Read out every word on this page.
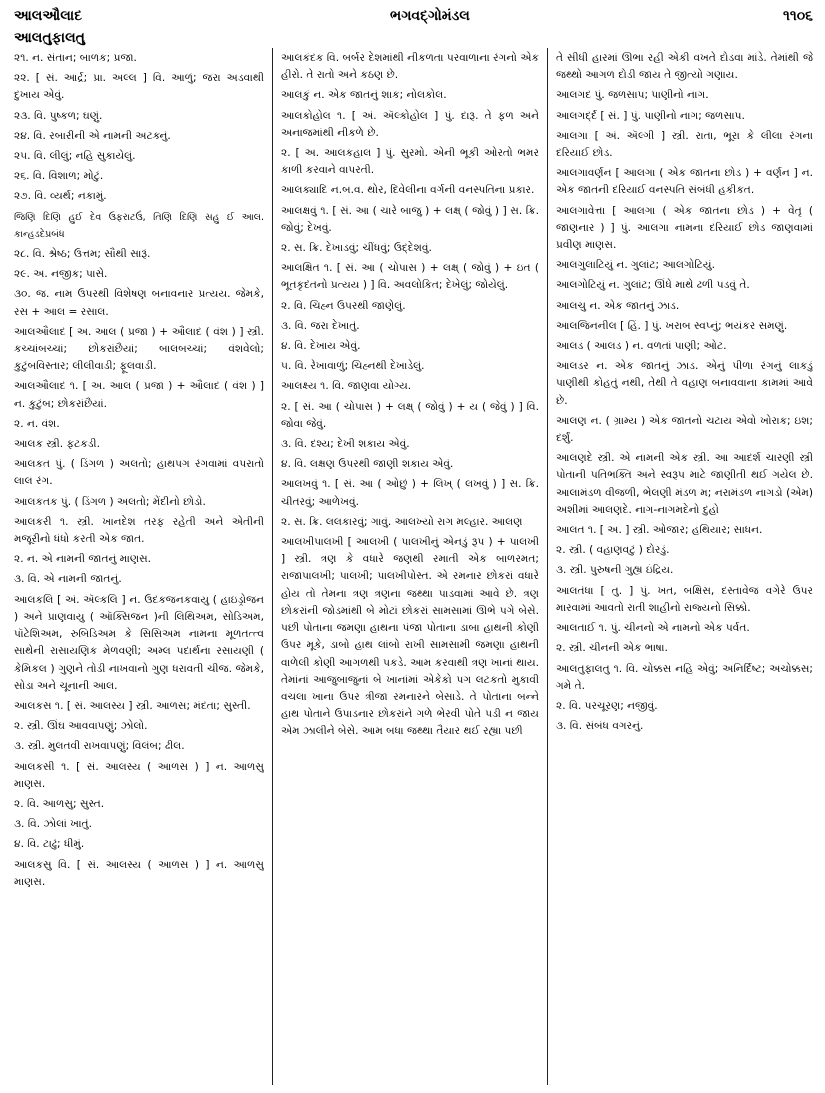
આલઔલાદ	ભગવદ્ગોમંડલ	૧૧૦૬
આલતુફાલતુ

૨૧. ન. સંતાન; બાળક; પ્રજા.

૨૨. [ સં. આર્દ્ર; પ્રા. અલ્લ ] વિ. આળું; જરા અડવાથી દુખાય એવું.

૨૩. વિ. પુષ્કળ; ઘણું.

૨૪. વિ. રબારીની એ નામની અટક્નું.

૨૫. વિ. લીલું; નહિ સુકાયેલું.

૨૬. વિ. વિશાળ; મોટું.

૨૭. વિ. વ્યર્થ; નકામું.

જિણિ દિણિ હુઈ દેવ ઉફરાટઉં, તિણિ દિણિ સહુ ઈ આલ. કાન્હડદેપ્રબંધ

૨૮. વિ. શ્રેષ્ઠ; ઉત્તમ; સૌથી સારૂં.

૨૯. અ. નજીક; પાસે.

૩૦. જ. નામ ઉપરથી વિશેષણ બનાવનાર પ્રત્યય. જેમકે, રસ + આલ = રસાલ.

આલઔલાદ [ અ. આલ ( પ્રજા ) + ઔલાદ ( વંશ ) ] સ્ત્રી. કચ્ચાંબચ્ચાં; છોકરાંછૈયાં; બાલબચ્ચાં; વંશવેલો; કુટુંબવિસ્તાર; લીલીવાડી; ફૂલવાડી.

આલઔલાદ ૧. [ અ. આલ ( પ્રજા ) + ઔલાદ ( વંશ ) ] ન. કુટુંબ; છોકરાંછૈયાં.

૨. ન. વંશ.

આલક સ્ત્રી. ફટકડી.

આલકત પું. ( ડિંગળ ) અલતો; હાથપગ રંગવામાં વપરાતો લાલ રંગ.

આલકતક પું. ( ડિંગળ ) અલતો; મેંદીનો છોડો.

આલકરી ૧. સ્ત્રી. ખાનદેશ તરફ રહેતી અને એતીની મજૂરીનો ધંધો કરતી એક જાત.

૨. ન. એ નામની જાતનું માણસ.

૩. વિ. એ નામની જાતનું.

આલકલિ [ અં. ઍલ્કલિ ] ન. ઉદકજનકવાયુ ( હાઇડ્રોજન ) અને પ્રાણવાયુ ( ઑક્સિજન )ની લિથિઅમ, સોડિઅમ, પૉટેશિઅમ, રુબિડિઅમ કે સિસિઅમ નામના મૂળતત્ત્વ સાથેની રાસાયણિક મેળવણી; અમ્લ પદાર્થના રસાયણી ( કેમિકલ ) ગુણને તોડી નાખવાનો ગુણ ધરાવતી ચીજ. જેમકે, સોડા અને ચૂનાની આલ.

આલકસ ૧. [ સં. આલસ્ય ] સ્ત્રી. આળસ; મંદતા; સુસ્તી.

૨. સ્ત્રી. ઊંઘ આવવાપણું; ઝોલો.

૩. સ્ત્રી. મુલતવી રાખવાપણું; વિલંબ; ઢીલ.

આલકસી ૧. [ સં. આલસ્ય ( આળસ ) ] ન. આળસુ માણસ.

૨. વિ. આળસુ; સુસ્ત.

૩. વિ. ઝોલાં ખાતું.

૪. વિ. ટાઢું; ધીમું.

આલકસુ વિ. [ સં. આલસ્ય ( આળસ ) ] ન. આળસુ માણસ.

આલકંદક વિ. બર્બર દેશમાંથી નીકળતા પરવાળાના રંગનો એક હીરો. તે રાતો અને કઠણ છે.

આલકું ન. એક જાતનું શાક; નોલકોલ.

આલકોહોલ ૧. [ અં. ઍલ્કોહોલ ] પું. દારૂ. તે ફળ અને અનાજમાંથી નીકળે છે.

૨. [ અ. આલકહાલ ] પું. સુરમો. એની ભૂકી ઓરતો ભમર કાળી કરવાને વાપરતી.

આલક્યાદિ ન.બ.વ. થોર, દિવેલીના વર્ગની વનસ્પતિના પ્રકાર.

આલક્ષવું ૧. [ સં. આ ( ચારે બાજુ ) + લક્ષ્ ( જોવું ) ] સ. ક્રિ. જોવું; દેખવું.

૨. સ. ક્રિ. દેખાડવું; ચીંધવું; ઉદ્દેશવું.

આલક્ષિત ૧. [ સં. આ ( ચોપાસ ) + લક્ષ્ ( જોવું ) + ઇત ( ભૂતકૃદંતનો પ્રત્યય ) ] વિ. અવલોકિત; દેખેલું; જોયેલું.

૨. વિ. ચિહ્ન ઉપરથી જાણેલું.

૩. વિ. જરા દેખાતું.

૪. વિ. દેખાય એવું.

૫. વિ. રેખાવાળું; ચિહ્નથી દેખાડેલું.

આલક્ષ્ય ૧. વિ. જાણવા યોગ્ય.

૨. [ સં. આ ( ચોપાસ ) + લક્ષ્ ( જોવું ) + ય ( જેવું ) ] વિ. જોવા જેવું.

૩. વિ. દશ્ય; દેખી શકાય એવું.

૪. વિ. લક્ષણ ઉપરથી જાણી શકાય એવું.

આલખવું ૧. [ સં. આ ( ઓછું ) + લિખ્ ( લખવું ) ] સ. ક્રિ. ચીતરવું; આળેખવું.

૨. સ. ક્રિ. લલકારવું; ગાવું. આલખ્યો રાગ મલ્હાર. આલણ

આલખીપાલખી [ આલખી ( પાલખીનું એનડું રૂપ ) + પાલખી ] સ્ત્રી. ત્રણ કે વધારે જણથી રમાતી એક બાળરમત; રાજાપાલખી; પાલખી; પાલખીપોસ્ત. એ રમનાર છોકરાં વધારે હોય તો તેમના ત્રણ ત્રણના જથ્થા પાડવામાં આવે છે. ત્રણ છોકરાંની જોડમાંથી બે મોટાં છોકરાં સામસામાં ઊભે પગે બેસે. પછી પોતાના જમણા હાથના પંજા પોતાના ડાબા હાથની કોણી ઉપર મૂકે, ડાબો હાથ લાંબો રાખી સામસામી જમણા હાથની વાળેલી કોણી આગળથી પકડે. આમ કરવાથી ત્રણ ખાનાં થાય. તેમાંનાં આજુબાજુનાં બે ખાનાંમાં એકેકો પગ લટકતો મુકાવી વચલા ખાના ઉપર ત્રીજા રમનારને બેસાડે. તે પોતાના બન્ને હાથ પોતાને ઉપાડનાર છોકરાંને ગળે ભેરવી પોતે પડી ન જાય એમ ઝાલીને બેસે. આમ બધા જથ્થા તૈયાર થઈ રહ્યા પછી

તે સીધી હારમાં ઊભા રહી એકી વખતે દોડવા માંડે. તેમાંથી જે જથ્થો આગળ દોડી જાય તે જીત્યો ગણાય.

આલગદ પું. જળસાપ; પાણીનો નાગ.

આલગર્દ્દ [ સં. ] પું. પાણીનો નાગ; જળસાપ.

આલગા [ અં. ઍલ્ગી ] સ્ત્રી. રાતા, ભૂરા કે લીલા રંગના દરિયાઈ છોડ.

આલગાવર્ણન [ આલગા ( એક જાતના છોડ ) + વર્ણન ] ન. એક જાતની દરિયાઈ વનસ્પતિ સંબંધી હકીકત.

આલગાવેત્તા [ આલગા ( એક જાતના છોડ ) + વેતૃ ( જાણનાર ) ] પું. આલગા નામના દરિયાઈ છોડ જાણવામાં પ્રવીણ માણસ.

આલગુલાટિયું ન. ગુલાંટ; આલગોટિયું.

આલગોટિયું ન. ગુલાંટ; ઊંધે માથે ઢળી પડવું તે.

આલચુ ન. એક જાતનું ઝાડ.

આલજિનનીલ [ હિં. ] પું. ખરાબ સ્વપ્નું; ભયંકર સમણું.

આલડ ( આલડ ) ન. વળતાં પાણી; ઓટ.

આલડર ન. એક જાતનું ઝાડ. એનું પીળા રંગનું લાકડું પાણીથી કોહતું નથી, તેથી તે વહાણ બનાવવાના કામમાં આવે છે.

આલણ ન. ( ગ્રામ્ય ) એક જાતનો ચટાય એવો ખોરાક; ઇશ; દર્શું.

આલણદે સ્ત્રી. એ નામની એક સ્ત્રી. આ આદર્શ ચારણી સ્ત્રી પોતાની પતિભક્તિ અને સ્વરૂપ માટે જાણીતી થઈ ગયેલ છે. આલામંડળ વીજળી, ભેલણી મંડળ મ; નરામંડળ નાગડો (એમ) અશીમાં આલણદે. નાગ-નાગમદેનો દુહો

આલત ૧. [ અ. ] સ્ત્રી. ઓજાર; હથિયાર; સાધન.

૨. સ્ત્રી. ( વહાણવટું ) દોરડું.

૩. સ્ત્રી. પુરુષની ગુહ્ય ઇંદ્રિય.

આલતંધા [ તુ. ] પું. ખત, બક્ષિસ, દસ્તાવેજ વગેરે ઉપર મારવામાં આવતો રાતી શાહીનો રાજ્યનો સિક્કો.

આલતાઈ ૧. પું. ચીનનો એ નામનો એક પર્વત.

૨. સ્ત્રી. ચીનની એક ભાષા.

આલતુફાલતુ ૧. વિ. ચોક્કસ નહિ એવું; અનિર્દિષ્ટ; અચોક્કસ; ગમે તે.

૨. વિ. પરચૂરણ; નજીવું.

૩. વિ. સંબંધ વગરનું.
